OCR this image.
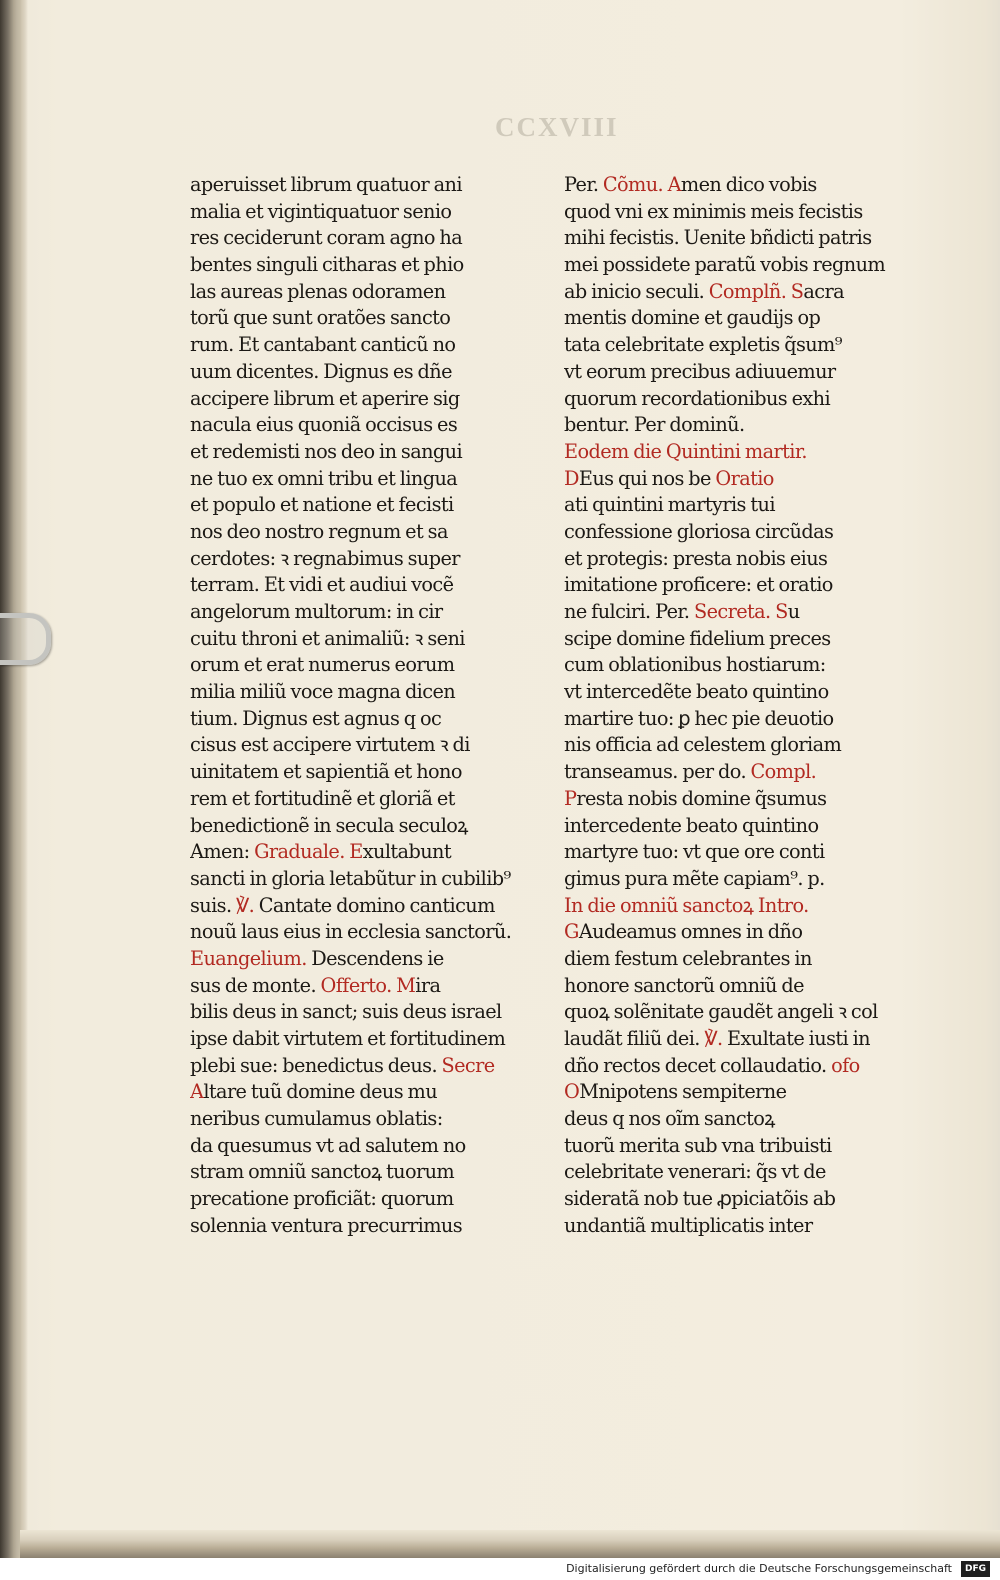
CCXVIII
aperuisset librum quatuor ani
malia et vigintiquatuor senio
res ceciderunt coram agno ha
bentes singuli citharas et phio
las aureas plenas odoramen
torũ que sunt oratões sancto
rum. Et cantabant canticũ no
uum dicentes. Dignus es dñe
accipere librum et aperire sig
nacula eius quoniã occisus es
et redemisti nos deo in sangui
ne tuo ex omni tribu et lingua
et populo et natione et fecisti
nos deo nostro regnum et sa
cerdotes: ꝛ regnabimus super
terram. Et vidi et audiui vocẽ
angelorum multorum: in cir
cuitu throni et animaliũ: ꝛ seni
orum et erat numerus eorum
milia miliũ voce magna dicen
tium. Dignus est agnus q oc
cisus est accipere virtutem ꝛ di
uinitatem et sapientiã et hono
rem et fortitudinẽ et gloriã et
benedictionẽ in secula seculoꝝ
Amen: Graduale. Exultabunt
sancti in gloria letabũtur in cubilib⁹
suis. ℣. Cantate domino canticum
nouũ laus eius in ecclesia sanctorũ.
Euangelium. Descendens ie
sus de monte. Offerto. Mira
bilis deus in sanct; suis deus israel
ipse dabit virtutem et fortitudinem
plebi sue: benedictus deus. Secre
Altare tuũ domine deus mu
neribus cumulamus oblatis:
da quesumus vt ad salutem no
stram omniũ sanctoꝝ tuorum
precatione proficiãt: quorum
solennia ventura precurrimus
Per. Cõmu. Amen dico vobis
quod vni ex minimis meis fecistis
mihi fecistis. Uenite bñdicti patris
mei possidete paratũ vobis regnum
ab inicio seculi. Complñ. Sacra
mentis domine et gaudijs op
tata celebritate expletis q̃sum⁹
vt eorum precibus adiuuemur
quorum recordationibus exhi
bentur. Per dominũ.
Eodem die Quintini martir.
DEus qui nos be Oratio
ati quintini martyris tui
confessione gloriosa circũdas
et protegis: presta nobis eius
imitatione proficere: et oratio
ne fulciri. Per. Secreta. Su
scipe domine fidelium preces
cum oblationibus hostiarum:
vt intercedẽte beato quintino
martire tuo: ꝑ hec pie deuotio
nis officia ad celestem gloriam
transeamus. per do. Compl.
Presta nobis domine q̃sumus
intercedente beato quintino
martyre tuo: vt que ore conti
gimus pura mẽte capiam⁹. p.
In die omniũ sanctoꝝ Intro.
GAudeamus omnes in dño
diem festum celebrantes in
honore sanctorũ omniũ de
quoꝝ solẽnitate gaudẽt angeli ꝛ col
laudãt filiũ dei. ℣. Exultate iusti in
dño rectos decet collaudatio. ofo
OMnipotens sempiterne
deus q nos oĩm sanctoꝝ
tuorũ merita sub vna tribuisti
celebritate venerari: q̃s vt de
sideratã nob tue ꝓpiciatõis ab
undantiã multiplicatis inter
Digitalisierung gefördert durch die Deutsche Forschungsgemeinschaft	DFG
